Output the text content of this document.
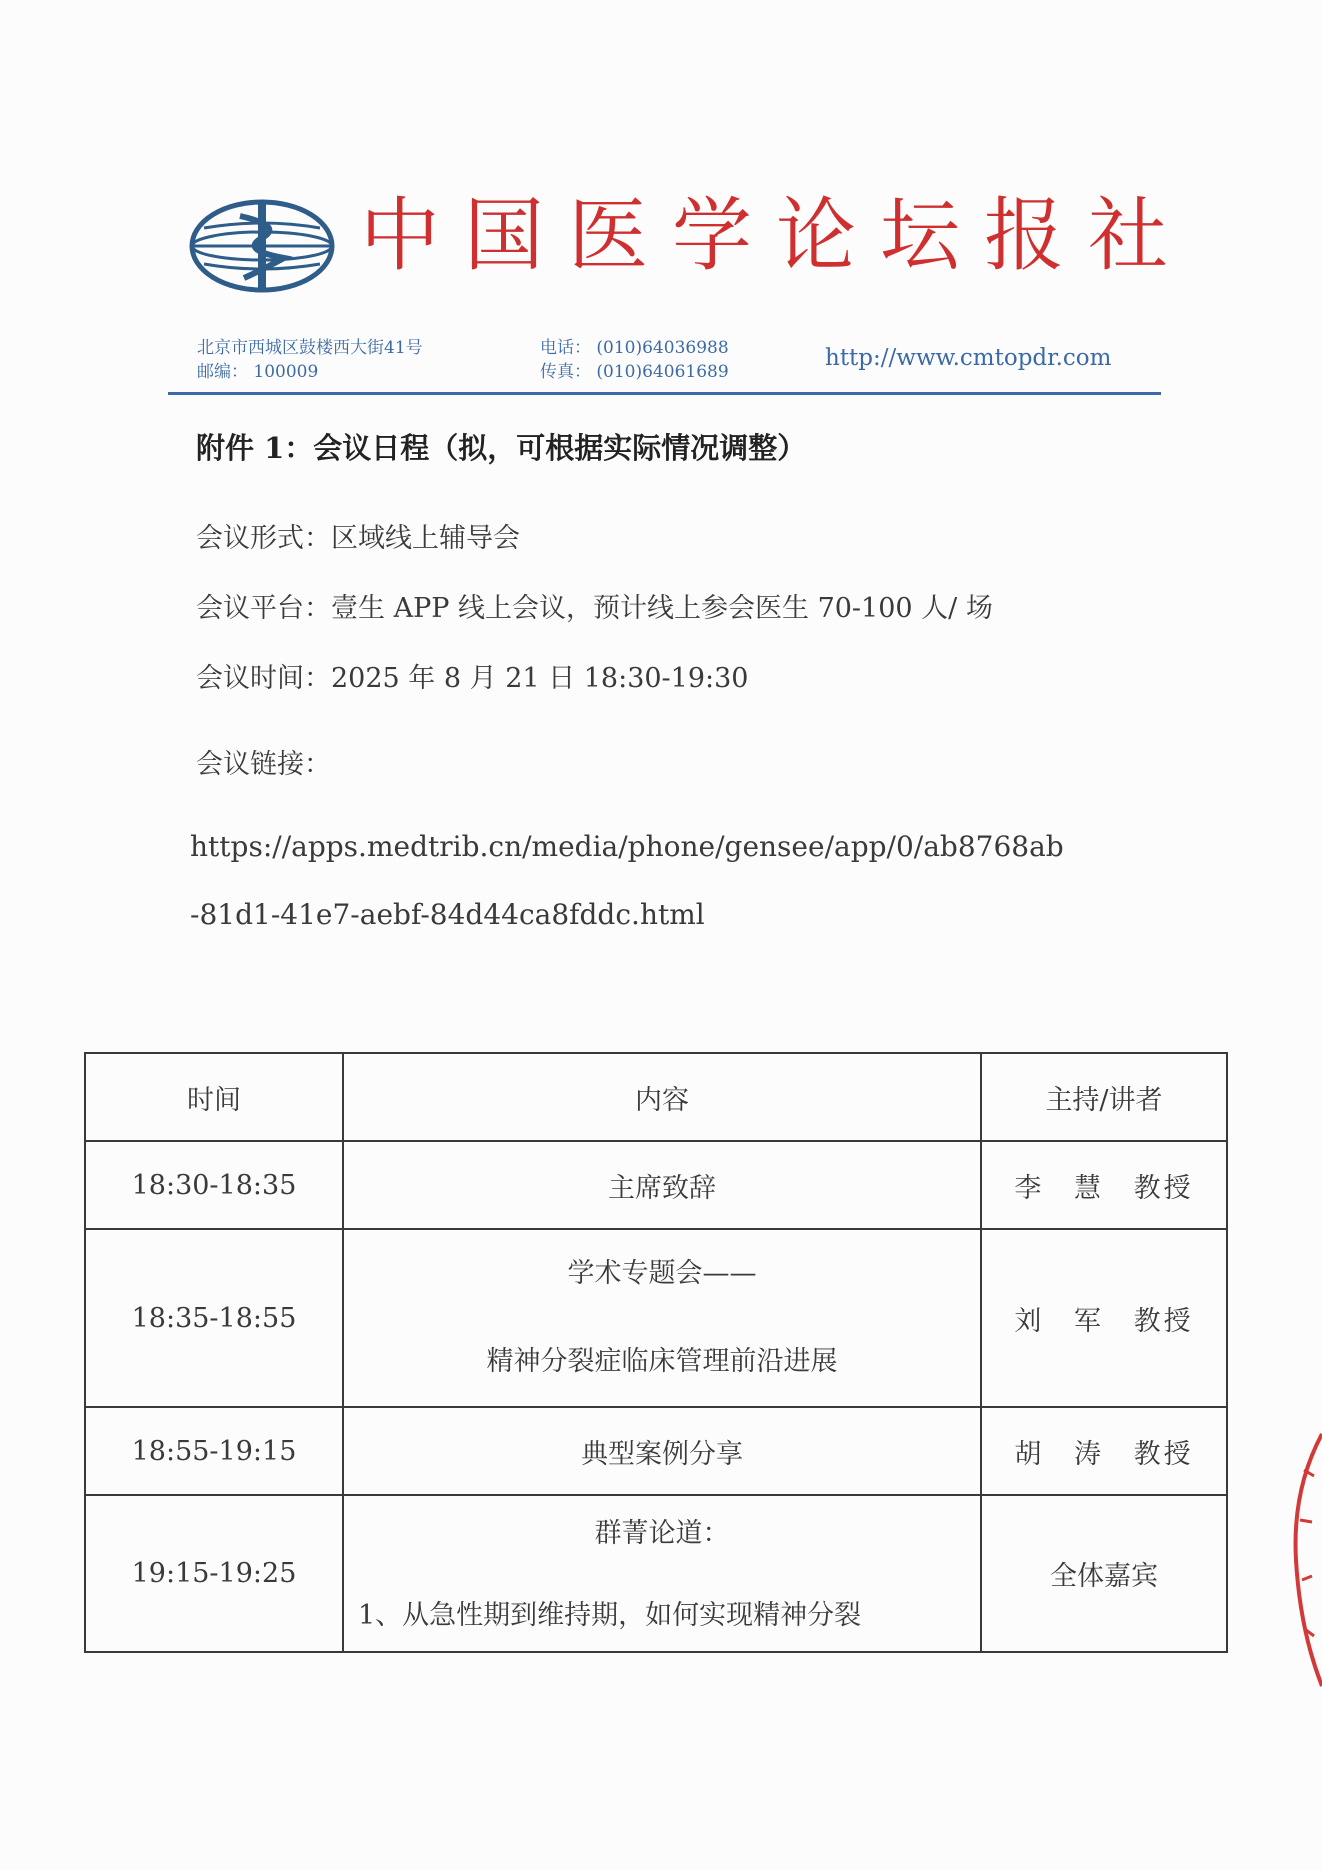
中国医学论坛报社
北京市西城区鼓楼西大街41号
邮编： 100009
电话： (010)64036988
传真： (010)64061689
http://www.cmtopdr.com
附件 1：会议日程（拟，可根据实际情况调整）
会议形式：区域线上辅导会
会议平台：壹生 APP 线上会议，预计线上参会医生 70-100 人/ 场
会议时间：2025 年 8 月 21 日 18:30-19:30
会议链接：
https://apps.medtrib.cn/media/phone/gensee/app/0/ab8768ab
-81d1-41e7-aebf-84d44ca8fddc.html
时间	内容	主持/讲者
18:30-18:35	主席致辞	李 慧 教授
18:35-18:55	学术专题会——
精神分裂症临床管理前沿进展	刘 军 教授
18:55-19:15	典型案例分享	胡 涛 教授
19:15-19:25	群菁论道：
1、从急性期到维持期，如何实现精神分裂	全体嘉宾
